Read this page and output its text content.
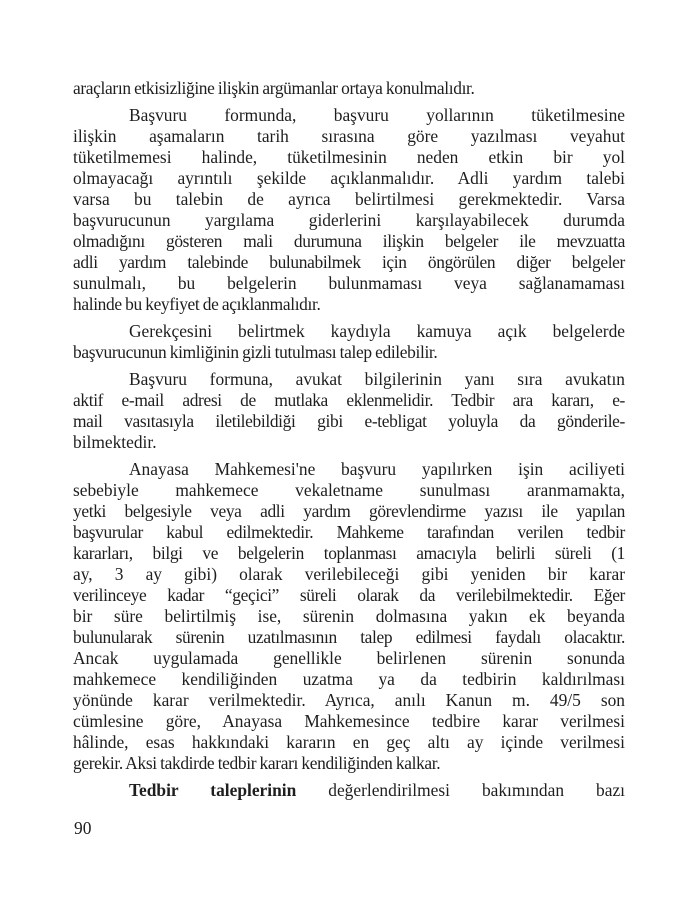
araçların etkisizliğine ilişkin argümanlar ortaya konulmalıdır.
Başvuru formunda, başvuru yollarının tüketilmesine
ilişkin aşamaların tarih sırasına göre yazılması veyahut
tüketilmemesi halinde, tüketilmesinin neden etkin bir yol
olmayacağı ayrıntılı şekilde açıklanmalıdır. Adli yardım talebi
varsa bu talebin de ayrıca belirtilmesi gerekmektedir. Varsa
başvurucunun yargılama giderlerini karşılayabilecek durumda
olmadığını gösteren mali durumuna ilişkin belgeler ile mevzuatta
adli yardım talebinde bulunabilmek için öngörülen diğer belgeler
sunulmalı, bu belgelerin bulunmaması veya sağlanamaması
halinde bu keyfiyet de açıklanmalıdır.
Gerekçesini belirtmek kaydıyla kamuya açık belgelerde
başvurucunun kimliğinin gizli tutulması talep edilebilir.
Başvuru formuna, avukat bilgilerinin yanı sıra avukatın
aktif e-mail adresi de mutlaka eklenmelidir. Tedbir ara kararı, e-
mail vasıtasıyla iletilebildiği gibi e-tebligat yoluyla da gönderile-
bilmektedir.
Anayasa Mahkemesi'ne başvuru yapılırken işin aciliyeti
sebebiyle mahkemece vekaletname sunulması aranmamakta,
yetki belgesiyle veya adli yardım görevlendirme yazısı ile yapılan
başvurular kabul edilmektedir. Mahkeme tarafından verilen tedbir
kararları, bilgi ve belgelerin toplanması amacıyla belirli süreli (1
ay, 3 ay gibi) olarak verilebileceği gibi yeniden bir karar
verilinceye kadar “geçici” süreli olarak da verilebilmektedir. Eğer
bir süre belirtilmiş ise, sürenin dolmasına yakın ek beyanda
bulunularak sürenin uzatılmasının talep edilmesi faydalı olacaktır.
Ancak uygulamada genellikle belirlenen sürenin sonunda
mahkemece kendiliğinden uzatma ya da tedbirin kaldırılması
yönünde karar verilmektedir. Ayrıca, anılı Kanun m. 49/5 son
cümlesine göre, Anayasa Mahkemesince tedbire karar verilmesi
hâlinde, esas hakkındaki kararın en geç altı ay içinde verilmesi
gerekir. Aksi takdirde tedbir kararı kendiliğinden kalkar.
Tedbir taleplerinin değerlendirilmesi bakımından bazı
90
